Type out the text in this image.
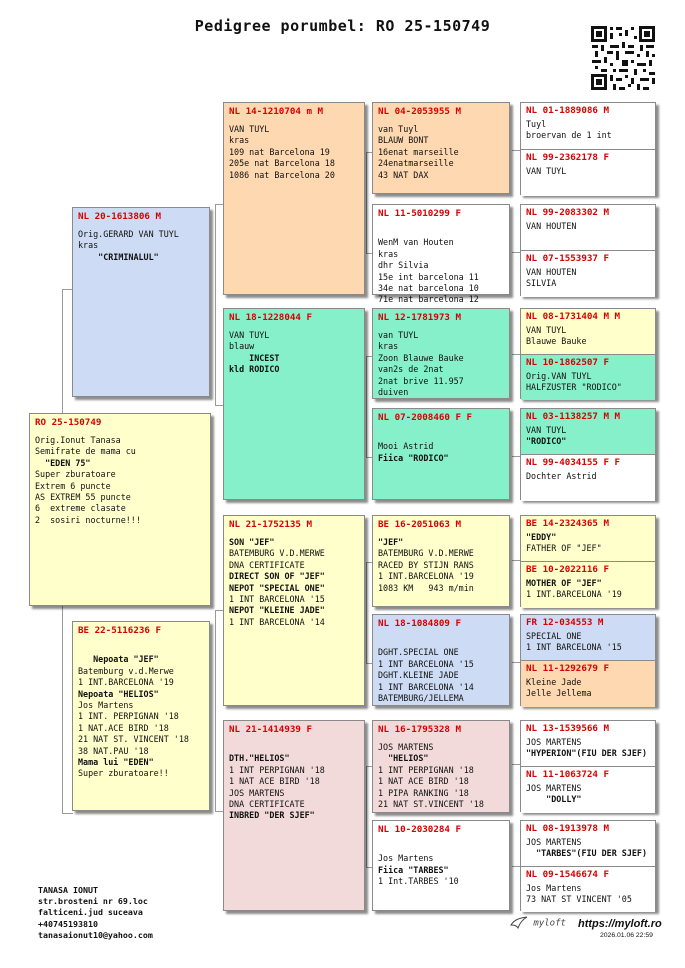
Pedigree porumbel: RO 25-150749
RO 25-150749
Orig.Ionut Tanasa
Semifrate de mama cu
"EDEN 75"
Super zburatoare
Extrem 6 puncte
AS EXTREM 55 puncte
6  extreme clasate
2  sosiri nocturne!!!
NL 20-1613806 M
Orig.GERARD VAN TUYL
kras
"CRIMINALUL"
BE 22-5116236 F

Nepoata "JEF"
Batemburg v.d.Merwe
1 INT.BARCELONA '19
Nepoata "HELIOS"
Jos Martens
1 INT. PERPIGNAN '18
1 NAT.ACE BIRD '18
21 NAT ST. VINCENT '18
38 NAT.PAU '18
Mama lui "EDEN"
Super zburatoare!!
NL 14-1210704 m M
VAN TUYL
kras
109 nat Barcelona 19
205e nat Barcelona 18
1086 nat Barcelona 20
NL 18-1228044 F
VAN TUYL
blauw
INCEST
kld RODICO
NL 21-1752135 M
SON "JEF"
BATEMBURG V.D.MERWE
DNA CERTIFICATE
DIRECT SON OF "JEF"
NEPOT "SPECIAL ONE"
1 INT BARCELONA '15
NEPOT "KLEINE JADE"
1 INT BARCELONA '14
NL 21-1414939 F

DTH."HELIOS"
1 INT PERPIGNAN '18
1 NAT ACE BIRD '18
JOS MARTENS
DNA CERTIFICATE
INBRED "DER SJEF"
NL 04-2053955 M
van Tuyl
BLAUW BONT
16enat marseille
24enatmarseille
43 NAT DAX
NL 11-5010299 F

WenM van Houten
kras
dhr Silvia
15e int barcelona 11
34e nat barcelona 10
71e nat barcelona 12
NL 12-1781973 M
van TUYL
kras
Zoon Blauwe Bauke
van2s de 2nat
2nat brive 11.957
duiven
NL 07-2008460 F F

Mooi Astrid
Fiica "RODICO"
BE 16-2051063 M
"JEF"
BATEMBURG V.D.MERWE
RACED BY STIJN RANS
1 INT.BARCELONA '19
1083 KM   943 m/min
NL 18-1084809 F

DGHT.SPECIAL ONE
1 INT BARCELONA '15
DGHT.KLEINE JADE
1 INT BARCELONA '14
BATEMBURG/JELLEMA
NL 16-1795328 M
JOS MARTENS
"HELIOS"
1 INT PERPIGNAN '18
1 NAT ACE BIRD '18
1 PIPA RANKING '18
21 NAT ST.VINCENT '18
NL 10-2030284 F

Jos Martens
Fiica "TARBES"
1 Int.TARBES '10
NL 01-1889086 M
Tuyl
broervan de 1 int
NL 99-2362178 F
VAN TUYL
NL 99-2083302 M
VAN HOUTEN
NL 07-1553937 F
VAN HOUTEN
SILVIA
NL 08-1731404 M M
VAN TUYL
Blauwe Bauke
NL 10-1862507 F
Orig.VAN TUYL
HALFZUSTER "RODICO"
NL 03-1138257 M M
VAN TUYL
"RODICO"
NL 99-4034155 F F
Dochter Astrid
BE 14-2324365 M
"EDDY"
FATHER OF "JEF"
BE 10-2022116 F
MOTHER OF "JEF"
1 INT.BARCELONA '19
FR 12-034553 M
SPECIAL ONE
1 INT BARCELONA '15
NL 11-1292679 F
Kleine Jade
Jelle Jellema
NL 13-1539566 M
JOS MARTENS
"HYPERION"(FIU DER SJEF)
NL 11-1063724 F
JOS MARTENS
"DOLLY"
NL 08-1913978 M
JOS MARTENS
"TARBES"(FIU DER SJEF)
NL 09-1546674 F
Jos Martens
73 NAT ST VINCENT '05
TANASA IONUT
str.brosteni nr 69.loc
falticeni.jud suceava
+40745193810
tanasaionut10@yahoo.com
myloft https://myloft.ro
2026.01.06 22:59
